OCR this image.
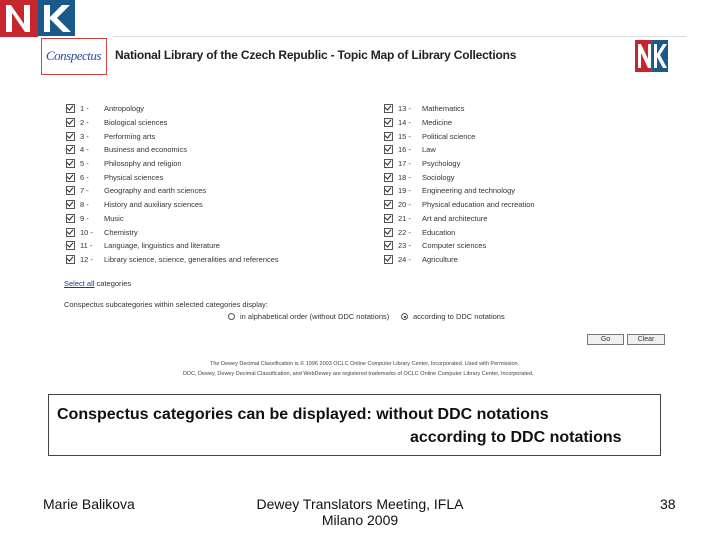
Conspectus National Library of the Czech Republic - Topic Map of Library Collections
1 -	Antropology
2 -	Biological sciences
3 -	Performing arts
4 -	Business and economics
5 -	Philosophy and religion
6 -	Physical sciences
7 -	Geography and earth sciences
8 -	History and auxiliary sciences
9 -	Music
10 -	Chemistry
11 -	Language, linguistics and literature
12 -	Library science, science, generalities and references
13 -	Mathematics
14 -	Medicine
15 -	Political science
16 -	Law
17 -	Psychology
18 -	Sociology
19 -	Engineering and technology
20 -	Physical education and recreation
21 -	Art and architecture
22 -	Education
23 -	Computer sciences
24 -	Agriculture
Select all categories
Conspectus subcategories within selected categories display:
in alphabetical order (without DDC notations)	according to DDC notations
Go	Clear
The Dewey Decimal Classification is © 1996 2003 OCLC Online Computer Library Center, Incorporated. Used with Permission.
DDC, Dewey, Dewey Decimal Classification, and WebDewey are registered trademarks of OCLC Online Computer Library Center, Incorporated.
Conspectus categories can be displayed: without DDC notations
according to DDC notations
Marie Balikova	Dewey Translators Meeting, IFLA
Milano 2009
38
